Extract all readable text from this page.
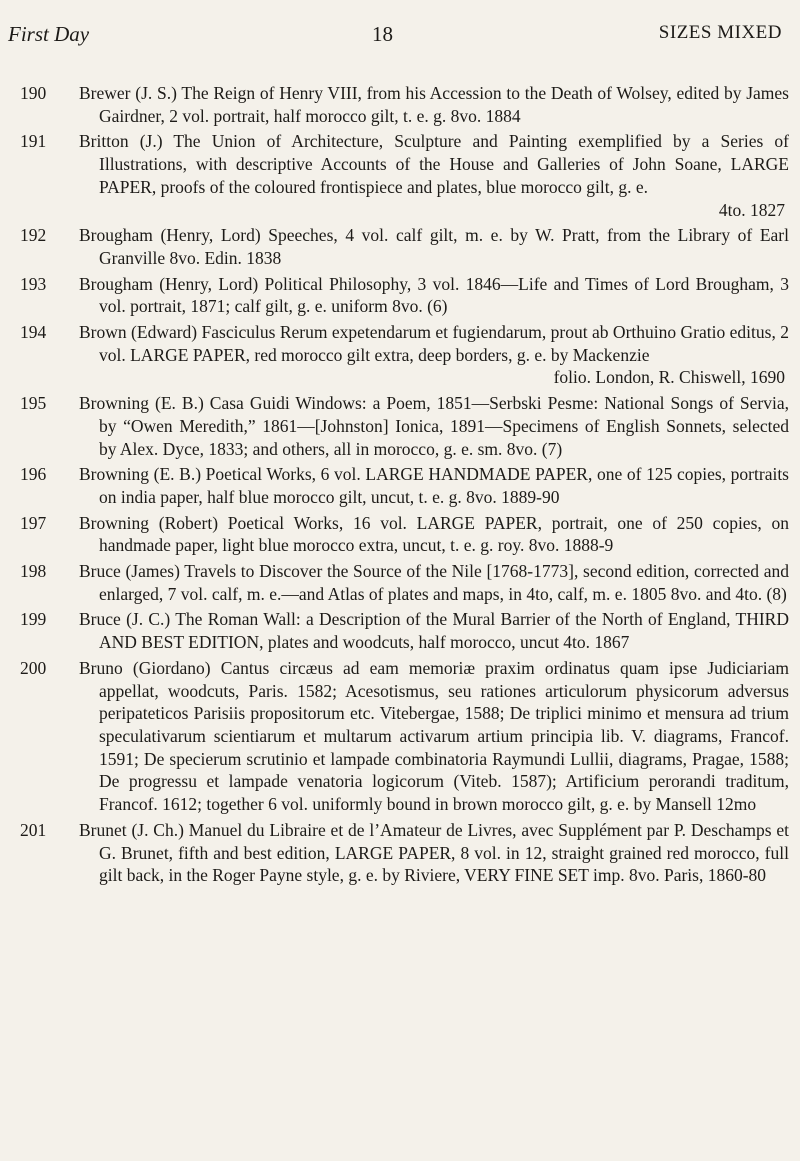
First Day	18	SIZES MIXED
190	Brewer (J. S.) The Reign of Henry VIII, from his Accession to the Death of Wolsey, edited by James Gairdner, 2 vol. portrait, half morocco gilt, t. e. g. 8vo. 1884
191	Britton (J.) The Union of Architecture, Sculpture and Painting exemplified by a Series of Illustrations, with descriptive Accounts of the House and Galleries of John Soane, LARGE PAPER, proofs of the coloured frontispiece and plates, blue morocco gilt, g. e.
4to. 1827
192	Brougham (Henry, Lord) Speeches, 4 vol. calf gilt, m. e. by W. Pratt, from the Library of Earl Granville 8vo. Edin. 1838
193	Brougham (Henry, Lord) Political Philosophy, 3 vol. 1846—Life and Times of Lord Brougham, 3 vol. portrait, 1871; calf gilt, g. e. uniform 8vo. (6)
194	Brown (Edward) Fasciculus Rerum expetendarum et fugiendarum, prout ab Orthuino Gratio editus, 2 vol. LARGE PAPER, red morocco gilt extra, deep borders, g. e. by Mackenzie
folio. London, R. Chiswell, 1690
195	Browning (E. B.) Casa Guidi Windows: a Poem, 1851—Serbski Pesme: National Songs of Servia, by “Owen Meredith,” 1861—[Johnston] Ionica, 1891—Specimens of English Sonnets, selected by Alex. Dyce, 1833; and others, all in morocco, g. e. sm. 8vo. (7)
196	Browning (E. B.) Poetical Works, 6 vol. LARGE HANDMADE PAPER, one of 125 copies, portraits on india paper, half blue morocco gilt, uncut, t. e. g. 8vo. 1889-90
197	Browning (Robert) Poetical Works, 16 vol. LARGE PAPER, portrait, one of 250 copies, on handmade paper, light blue morocco extra, uncut, t. e. g. roy. 8vo. 1888-9
198	Bruce (James) Travels to Discover the Source of the Nile [1768-1773], second edition, corrected and enlarged, 7 vol. calf, m. e.—and Atlas of plates and maps, in 4to, calf, m. e. 1805 8vo. and 4to. (8)
199	Bruce (J. C.) The Roman Wall: a Description of the Mural Barrier of the North of England, THIRD AND BEST EDITION, plates and woodcuts, half morocco, uncut 4to. 1867
200	Bruno (Giordano) Cantus circæus ad eam memoriæ praxim ordinatus quam ipse Judiciariam appellat, woodcuts, Paris. 1582; Acesotismus, seu rationes articulorum physicorum adversus peripateticos Parisiis propositorum etc. Vitebergae, 1588; De triplici minimo et mensura ad trium speculativarum scientiarum et multarum activarum artium principia lib. V. diagrams, Francof. 1591; De specierum scrutinio et lampade combinatoria Raymundi Lullii, diagrams, Pragae, 1588; De progressu et lampade venatoria logicorum (Viteb. 1587); Artificium perorandi traditum, Francof. 1612; together 6 vol. uniformly bound in brown morocco gilt, g. e. by Mansell 12mo
201	Brunet (J. Ch.) Manuel du Libraire et de l’Amateur de Livres, avec Supplément par P. Deschamps et G. Brunet, fifth and best edition, LARGE PAPER, 8 vol. in 12, straight grained red morocco, full gilt back, in the Roger Payne style, g. e. by Riviere, VERY FINE SET imp. 8vo. Paris, 1860-80
